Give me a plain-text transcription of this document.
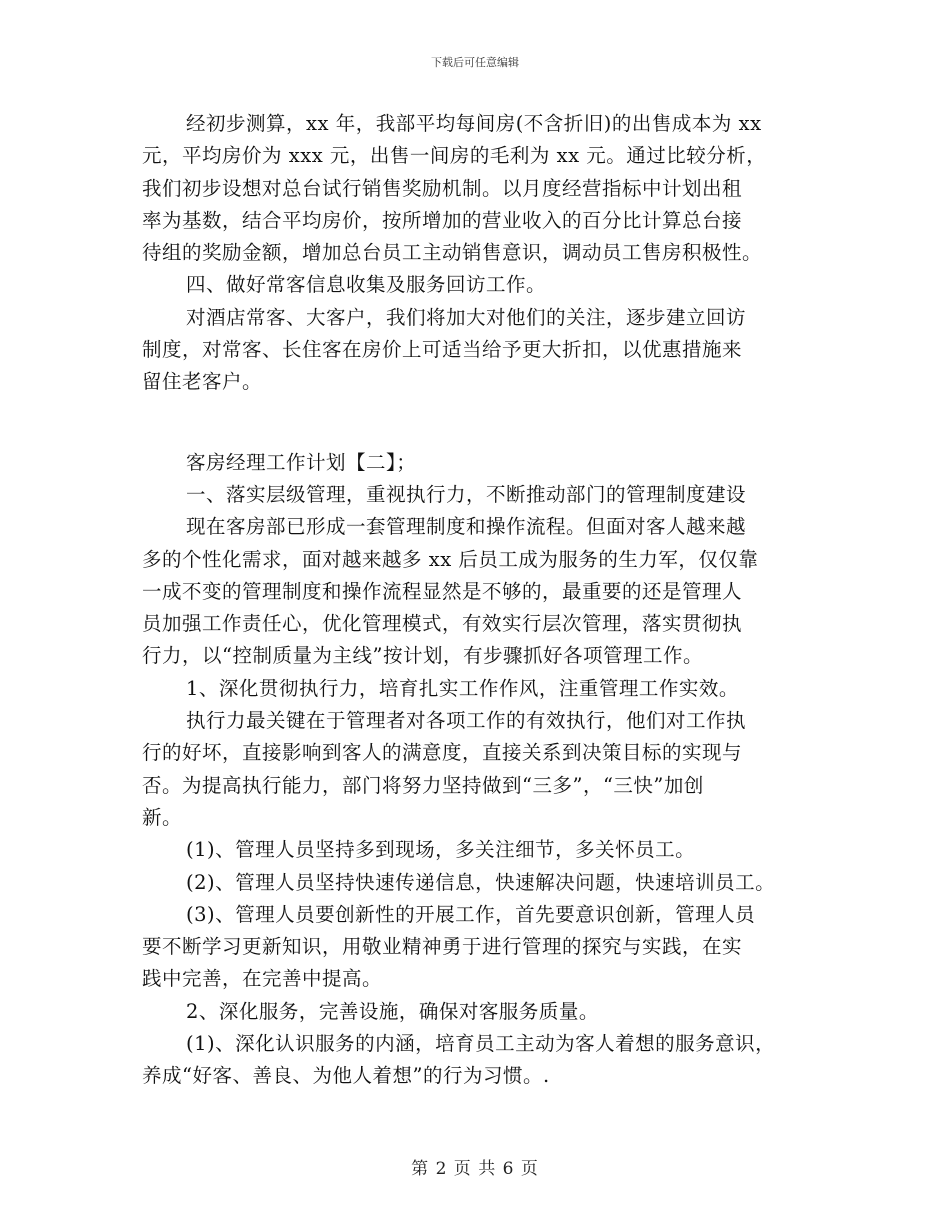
下载后可任意编辑
经初步测算，xx 年，我部平均每间房(不含折旧)的出售成本为 xx
元，平均房价为 xxx 元，出售一间房的毛利为 xx 元。通过比较分析，
我们初步设想对总台试行销售奖励机制。以月度经营指标中计划出租
率为基数，结合平均房价，按所增加的营业收入的百分比计算总台接
待组的奖励金额，增加总台员工主动销售意识，调动员工售房积极性。
四、做好常客信息收集及服务回访工作。
对酒店常客、大客户，我们将加大对他们的关注，逐步建立回访
制度，对常客、长住客在房价上可适当给予更大折扣，以优惠措施来
留住老客户。
客房经理工作计划【二】；
一、落实层级管理，重视执行力，不断推动部门的管理制度建设
现在客房部已形成一套管理制度和操作流程。但面对客人越来越
多的个性化需求，面对越来越多 xx 后员工成为服务的生力军，仅仅靠
一成不变的管理制度和操作流程显然是不够的，最重要的还是管理人
员加强工作责任心，优化管理模式，有效实行层次管理，落实贯彻执
行力，以“控制质量为主线”按计划，有步骤抓好各项管理工作。
1、深化贯彻执行力，培育扎实工作作风，注重管理工作实效。
执行力最关键在于管理者对各项工作的有效执行，他们对工作执
行的好坏，直接影响到客人的满意度，直接关系到决策目标的实现与
否。为提高执行能力，部门将努力坚持做到“三多”，“三快”加创
新。
(1)、管理人员坚持多到现场，多关注细节，多关怀员工。
(2)、管理人员坚持快速传递信息，快速解决问题，快速培训员工。
(3)、管理人员要创新性的开展工作，首先要意识创新，管理人员
要不断学习更新知识，用敬业精神勇于进行管理的探究与实践，在实
践中完善，在完善中提高。
2、深化服务，完善设施，确保对客服务质量。
(1)、深化认识服务的内涵，培育员工主动为客人着想的服务意识，
养成“好客、善良、为他人着想”的行为习惯。.
第 2 页 共 6 页
